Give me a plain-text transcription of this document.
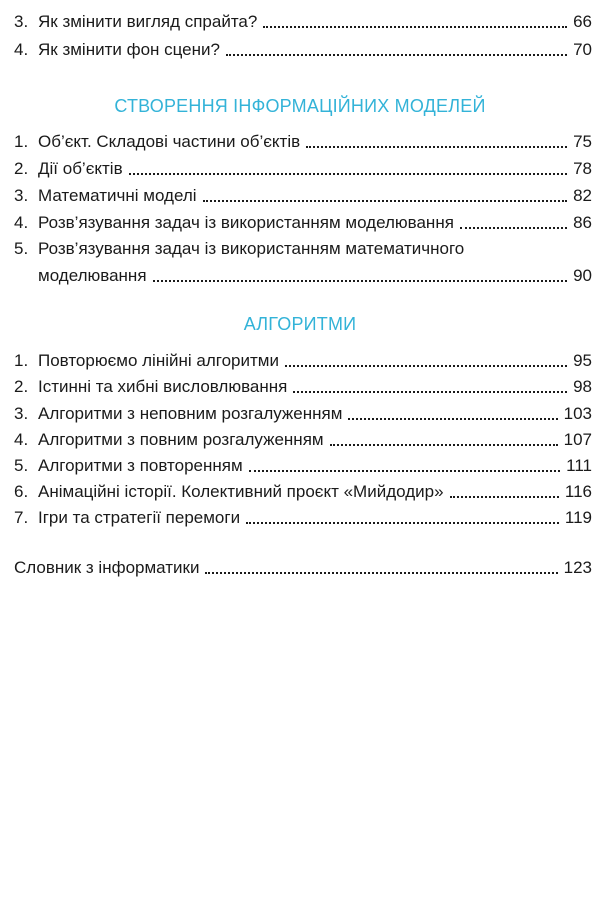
3. Як змінити вигляд спрайта?	66
4. Як змінити фон сцени?	70
СТВОРЕННЯ ІНФОРМАЦІЙНИХ МОДЕЛЕЙ
1. Об’єкт. Складові частини об’єктів	75
2. Дії об’єктів	78
3. Математичні моделі	82
4. Розв’язування задач із використанням моделювання	86
5. Розв’язування задач із використанням математичного
моделювання	90
АЛГОРИТМИ
1. Повторюємо лінійні алгоритми	95
2. Істинні та хибні висловлювання	98
3. Алгоритми з неповним розгалуженням	103
4. Алгоритми з повним розгалуженням	107
5. Алгоритми з повторенням	111
6. Анімаційні історії. Колективний проєкт «Мийдодир»	116
7. Ігри та стратегії перемоги	119
Словник з інформатики	123
